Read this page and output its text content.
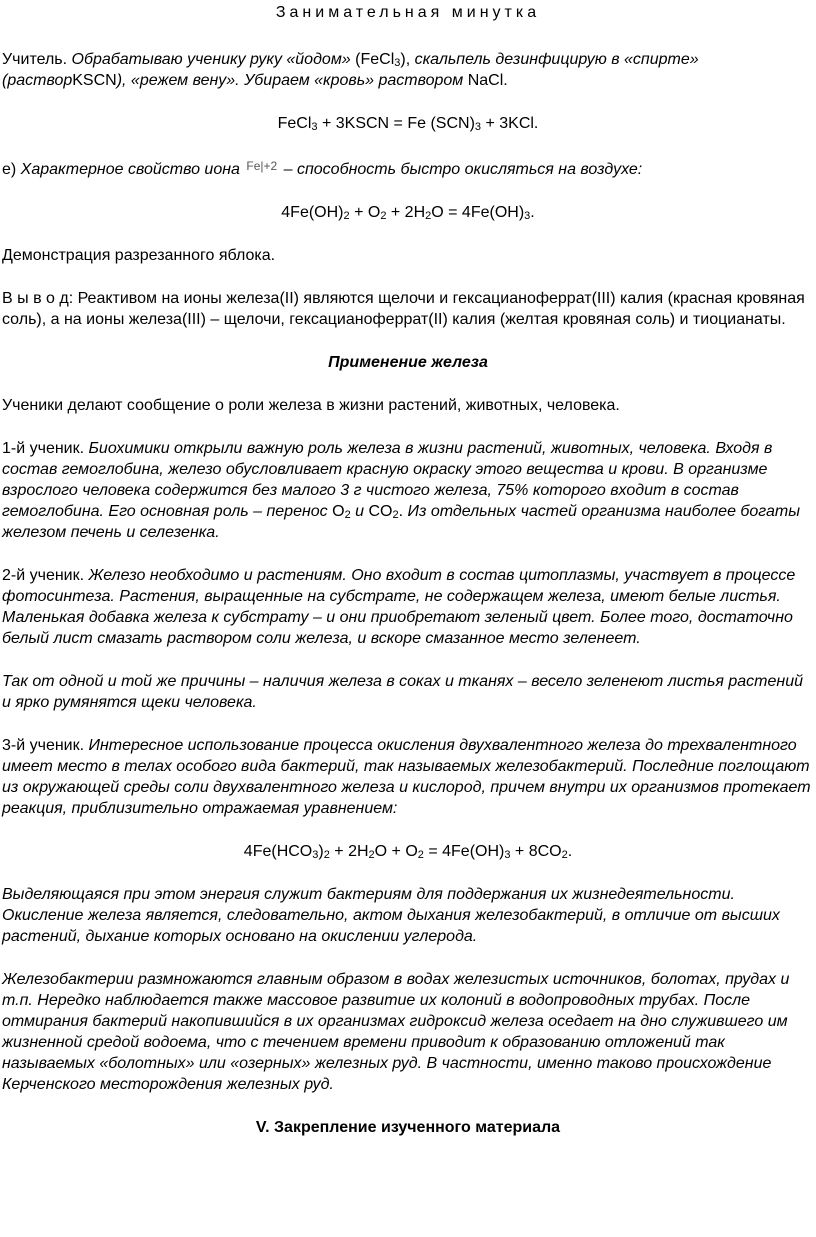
Занимательная минутка

Учитель. Обрабатываю ученику руку «йодом» (FeCl$_3$), скальпель дезинфицирую в «спирте» (растворKSCN), «режем вену». Убираем «кровь» раствором NaCl.

FeCl$_3$ + 3KSCN = Fe $(SCN)_3 + 3KCl$.

е) Характерное свойство иона Fe|+2 – способность быстро окисляться на воздухе:

$4Fe(OH)_2 + O_2 + 2H_2O = 4Fe(OH)_3$.

Демонстрация разрезанного яблока.

В ы в о д: Реактивом на ионы железа(II) являются щелочи и гексацианоферрат(III) калия (красная кровяная соль), а на ионы железа(III) – щелочи, гексацианоферрат(II) калия (желтая кровяная соль) и тиоцианаты.

Применение железа

Ученики делают сообщение о роли железа в жизни растений, животных, человека.

1-й ученик. Биохимики открыли важную роль железа в жизни растений, животных, человека. Входя в состав гемоглобина, железо обусловливает красную окраску этого вещества и крови. В организме взрослого человека содержится без малого 3 г чистого железа, 75% которого входит в состав гемоглобина. Его основная роль – перенос $O_2$ и $CO_2$. Из отдельных частей организма наиболее богаты железом печень и селезенка.

2-й ученик. Железо необходимо и растениям. Оно входит в состав цитоплазмы, участвует в процессе фотосинтеза. Растения, выращенные на субстрате, не содержащем железа, имеют белые листья. Маленькая добавка железа к субстрату – и они приобретают зеленый цвет. Более того, достаточно белый лист смазать раствором соли железа, и вскоре смазанное место зеленеет.

Так от одной и той же причины – наличия железа в соках и тканях – весело зеленеют листья растений и ярко румянятся щеки человека.

3-й ученик. Интересное использование процесса окисления двухвалентного железа до трехвалентного имеет место в телах особого вида бактерий, так называемых железобактерий. Последние поглощают из окружающей среды соли двухвалентного железа и кислород, причем внутри их организмов протекает реакция, приблизительно отражаемая уравнением:

$4Fe(HCO_3)_2 + 2H_2O + O_2 = 4Fe(OH)_3 + 8CO_2$.

Выделяющаяся при этом энергия служит бактериям для поддержания их жизнедеятельности. Окисление железа является, следовательно, актом дыхания железобактерий, в отличие от высших растений, дыхание которых основано на окислении углерода.

Железобактерии размножаются главным образом в водах железистых источников, болотах, прудах и т.п. Нередко наблюдается также массовое развитие их колоний в водопроводных трубах. После отмирания бактерий накопившийся в их организмах гидроксид железа оседает на дно служившего им жизненной средой водоема, что с течением времени приводит к образованию отложений так называемых «болотных» или «озерных» железных руд. В частности, именно таково происхождение Керченского месторождения железных руд.

V. Закрепление изученного материала
